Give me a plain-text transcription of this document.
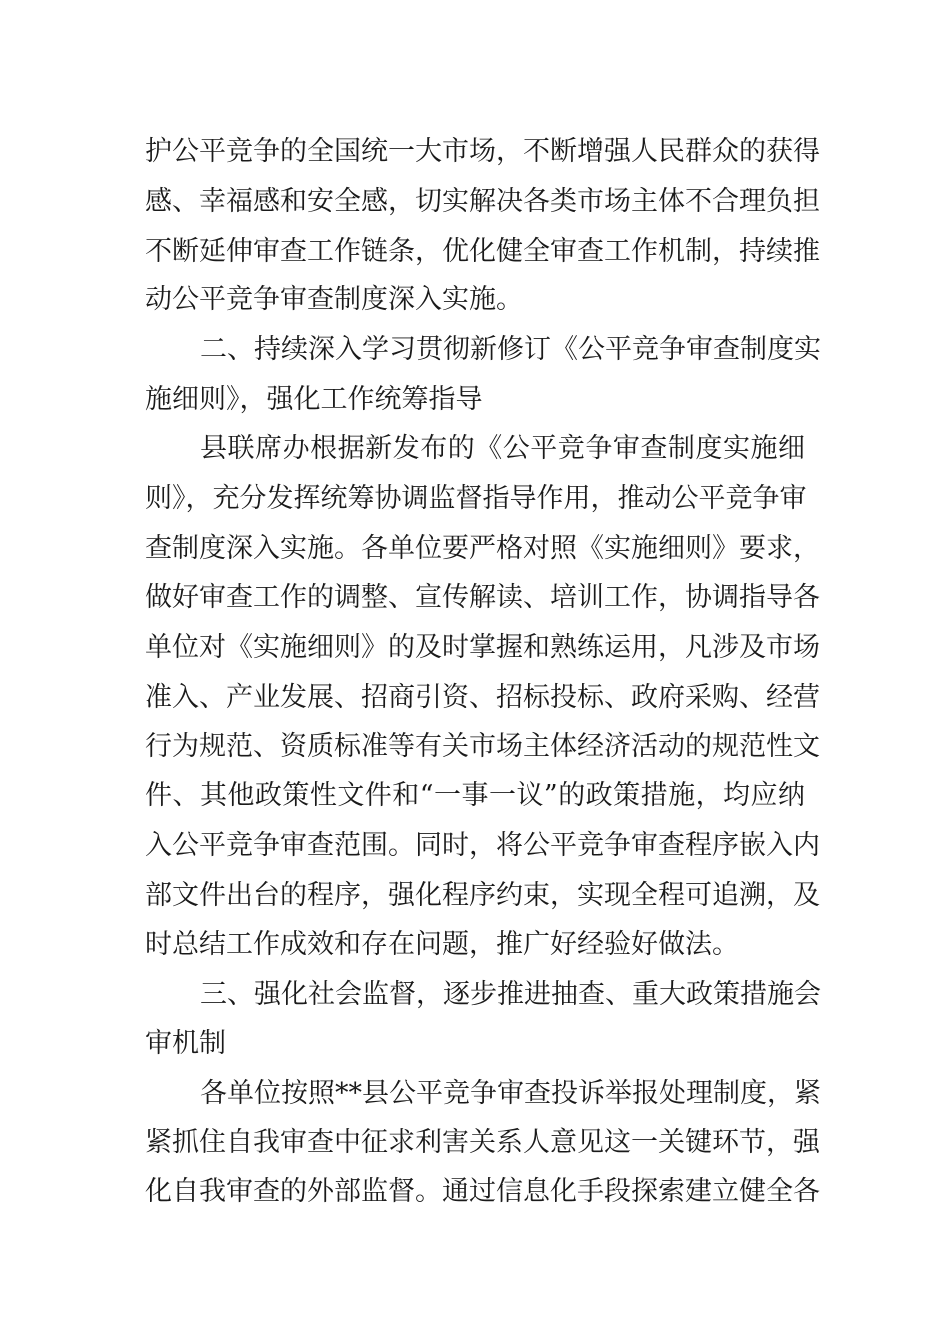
护公平竞争的全国统一大市场，不断增强人民群众的获得
感、幸福感和安全感，切实解决各类市场主体不合理负担
不断延伸审查工作链条，优化健全审查工作机制，持续推
动公平竞争审查制度深入实施。
二、持续深入学习贯彻新修订《公平竞争审查制度实
施细则》，强化工作统筹指导
县联席办根据新发布的《公平竞争审查制度实施细
则》，充分发挥统筹协调监督指导作用，推动公平竞争审
查制度深入实施。各单位要严格对照《实施细则》要求，
做好审查工作的调整、宣传解读、培训工作，协调指导各
单位对《实施细则》的及时掌握和熟练运用，凡涉及市场
准入、产业发展、招商引资、招标投标、政府采购、经营
行为规范、资质标准等有关市场主体经济活动的规范性文
件、其他政策性文件和“一事一议”的政策措施，均应纳
入公平竞争审查范围。同时，将公平竞争审查程序嵌入内
部文件出台的程序，强化程序约束，实现全程可追溯，及
时总结工作成效和存在问题，推广好经验好做法。
三、强化社会监督，逐步推进抽查、重大政策措施会
审机制
各单位按照**县公平竞争审查投诉举报处理制度，紧
紧抓住自我审查中征求利害关系人意见这一关键环节，强
化自我审查的外部监督。通过信息化手段探索建立健全各
